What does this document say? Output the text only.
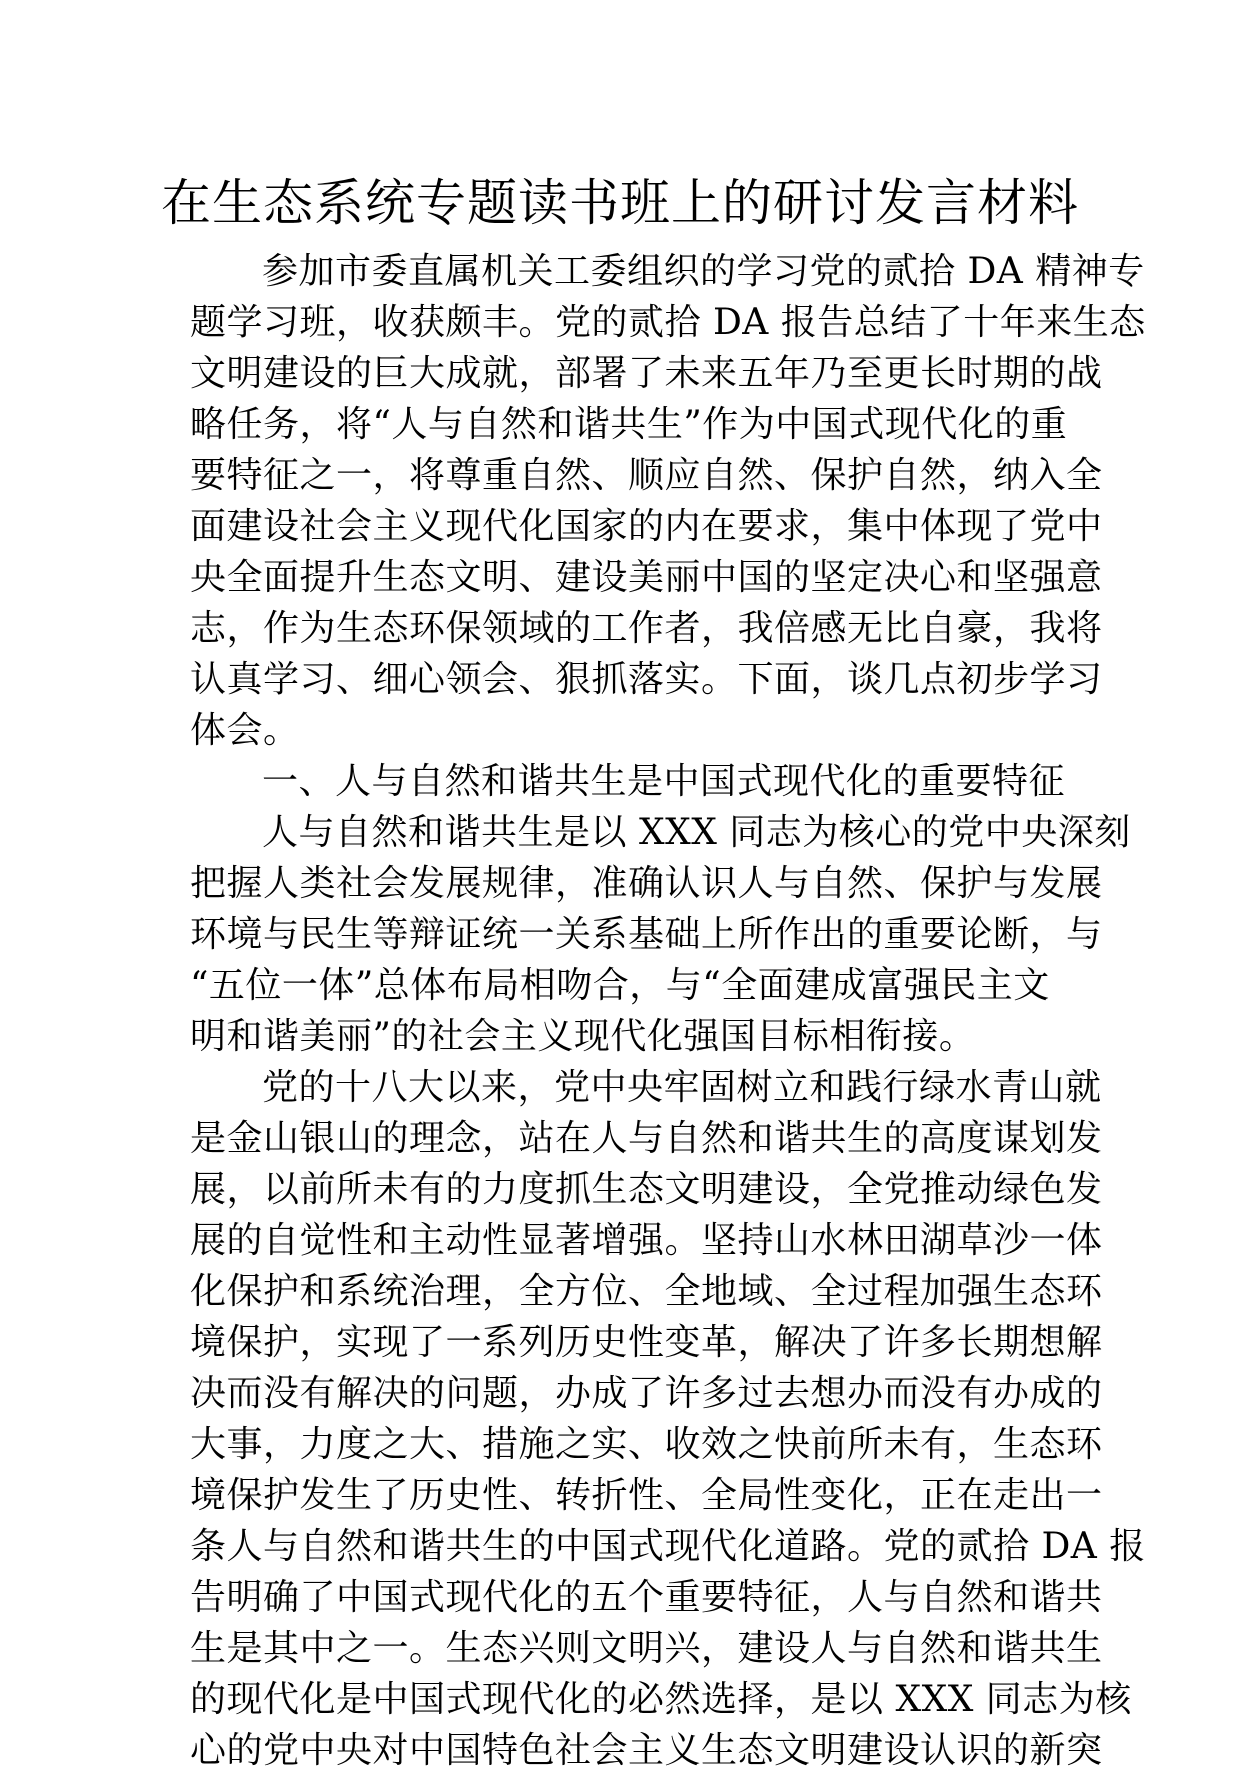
在生态系统专题读书班上的研讨发言材料
参加市委直属机关工委组织的学习党的贰拾 DA 精神专
题学习班，收获颇丰。党的贰拾 DA 报告总结了十年来生态
文明建设的巨大成就，部署了未来五年乃至更长时期的战
略任务，将“人与自然和谐共生”作为中国式现代化的重
要特征之一，将尊重自然、顺应自然、保护自然，纳入全
面建设社会主义现代化国家的内在要求，集中体现了党中
央全面提升生态文明、建设美丽中国的坚定决心和坚强意
志，作为生态环保领域的工作者，我倍感无比自豪，我将
认真学习、细心领会、狠抓落实。下面，谈几点初步学习
体会。
一、人与自然和谐共生是中国式现代化的重要特征
人与自然和谐共生是以 XXX 同志为核心的党中央深刻
把握人类社会发展规律，准确认识人与自然、保护与发展
环境与民生等辩证统一关系基础上所作出的重要论断，与
“五位一体”总体布局相吻合，与“全面建成富强民主文
明和谐美丽”的社会主义现代化强国目标相衔接。
党的十八大以来，党中央牢固树立和践行绿水青山就
是金山银山的理念，站在人与自然和谐共生的高度谋划发
展，以前所未有的力度抓生态文明建设，全党推动绿色发
展的自觉性和主动性显著增强。坚持山水林田湖草沙一体
化保护和系统治理，全方位、全地域、全过程加强生态环
境保护，实现了一系列历史性变革，解决了许多长期想解
决而没有解决的问题，办成了许多过去想办而没有办成的
大事，力度之大、措施之实、收效之快前所未有，生态环
境保护发生了历史性、转折性、全局性变化，正在走出一
条人与自然和谐共生的中国式现代化道路。党的贰拾 DA 报
告明确了中国式现代化的五个重要特征，人与自然和谐共
生是其中之一。生态兴则文明兴，建设人与自然和谐共生
的现代化是中国式现代化的必然选择，是以 XXX 同志为核
心的党中央对中国特色社会主义生态文明建设认识的新突
